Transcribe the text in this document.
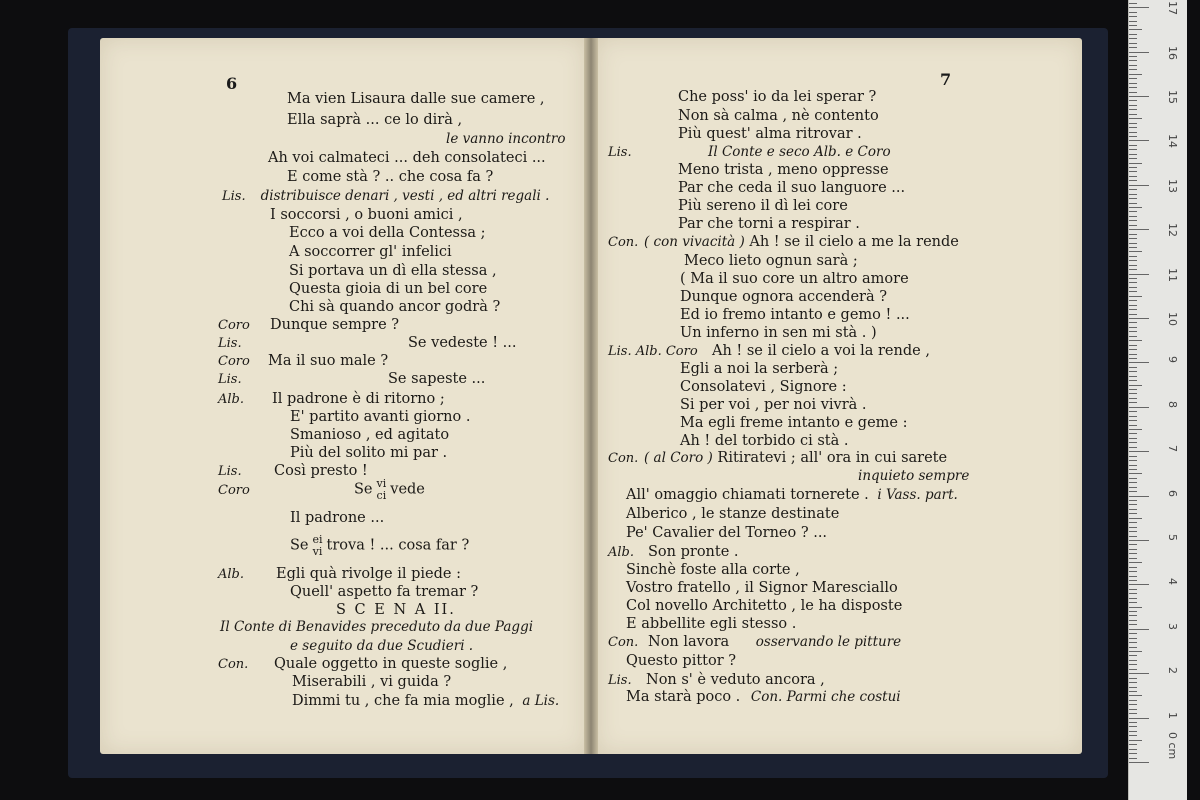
6	7
Ma vien Lisaura dalle sue camere ,
Ella saprà ... ce lo dirà ,
le vanno incontro
Ah voi calmateci ... deh consolateci ...
E come stà ? .. che cosa fa ?
Lis. distribuisce denari , vesti , ed altri regali .
I soccorsi , o buoni amici ,
Ecco a voi della Contessa ;
A soccorrer gl' infelici
Si portava un dì ella stessa ,
Questa gioia di un bel core
Chi sà quando ancor godrà ?
Coro Dunque sempre ?
Lis.	Se vedeste ! ...
Coro Ma il suo male ?
Lis.	Se sapeste ...
Alb. Il padrone è di ritorno ;
E' partito avanti giorno .
Smanioso , ed agitato
Più del solito mi par .
Lis. Così presto !
Coro	Se vi
ci vede
Il padrone ...
Se ei
vi trova ! ... cosa far ?
Alb. Egli quà rivolge il piede :
Quell' aspetto fa tremar ?
S C E N A II.
Il Conte di Benavides preceduto da due Paggi
e seguito da due Scudieri .
Con. Quale oggetto in queste soglie ,
Miserabili , vi guida ?
Dimmi tu , che fa mia moglie , a Lis.
Che poss' io da lei sperar ?
Non sà calma , nè contento
Più quest' alma ritrovar .
Lis.	Il Conte e seco Alb. e Coro
Meno trista , meno oppresse
Par che ceda il suo languore ...
Più sereno il dì lei core
Par che torni a respirar .
Con. ( con vivacità ) Ah ! se il cielo a me la rende
Meco lieto ognun sarà ;
( Ma il suo core un altro amore
Dunque ognora accenderà ?
Ed io fremo intanto e gemo ! ...
Un inferno in sen mi stà . )
Lis. Alb. Coro Ah ! se il cielo a voi la rende ,
Egli a noi la serberà ;
Consolatevi , Signore :
Si per voi , per noi vivrà .
Ma egli freme intanto e geme :
Ah ! del torbido ci stà .
Con. ( al Coro ) Ritiratevi ; all' ora in cui sarete
inquieto sempre
All' omaggio chiamati tornerete . i Vass. part.
Alberico , le stanze destinate
Pe' Cavalier del Torneo ? ...
Alb. Son pronte .
Sinchè foste alla corte ,
Vostro fratello , il Signor Maresciallo
Col novello Architetto , le ha disposte
E abbellite egli stesso .
Con. Non lavora osservando le pitture
Questo pittor ?
Lis. Non s' è veduto ancora ,
Ma starà poco . Con. Parmi che costui
0 cm
1
2
3
4
5
6
7
8
9
10
11
12
13
14
15
16
17
